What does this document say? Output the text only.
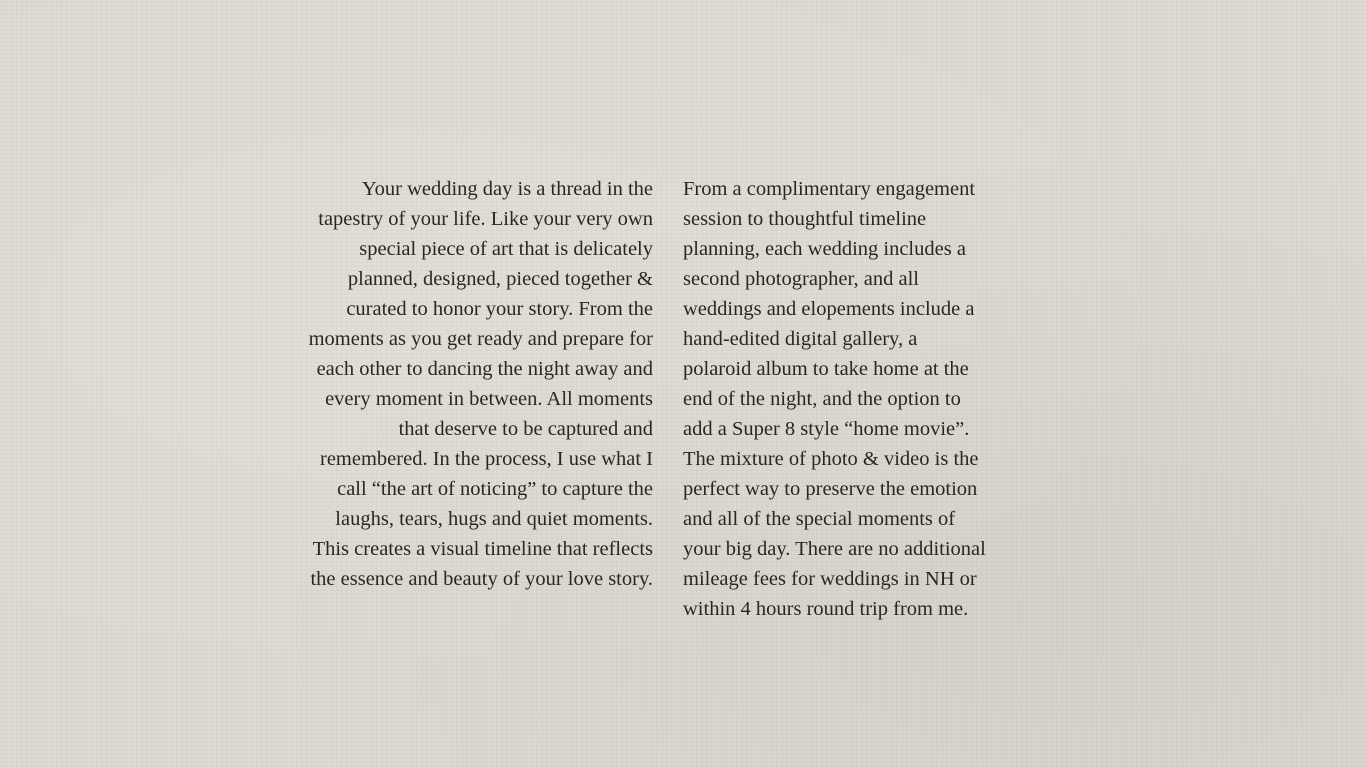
Your wedding day is a thread in the
tapestry of your life. Like your very own
special piece of art that is delicately
planned, designed, pieced together &
curated to honor your story. From the
moments as you get ready and prepare for
each other to dancing the night away and
every moment in between. All moments
that deserve to be captured and
remembered. In the process, I use what I
call “the art of noticing” to capture the
laughs, tears, hugs and quiet moments.
This creates a visual timeline that reflects
the essence and beauty of your love story.

From a complimentary engagement
session to thoughtful timeline
planning, each wedding includes a
second photographer, and all
weddings and elopements include a
hand-edited digital gallery, a
polaroid album to take home at the
end of the night, and the option to
add a Super 8 style “home movie”.
The mixture of photo & video is the
perfect way to preserve the emotion
and all of the special moments of
your big day. There are no additional
mileage fees for weddings in NH or
within 4 hours round trip from me.
